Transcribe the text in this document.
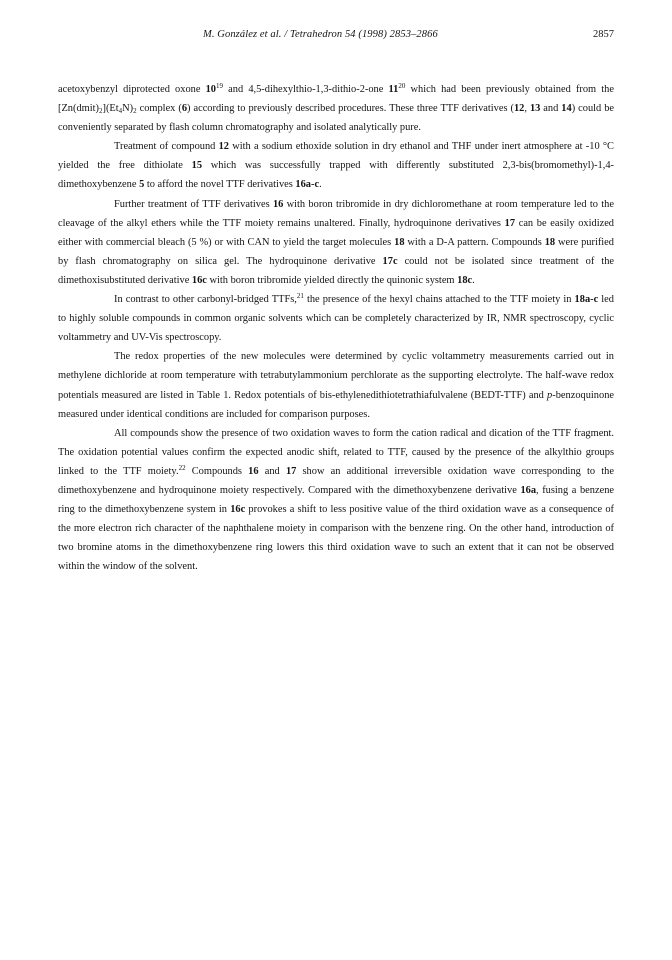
M. González et al. / Tetrahedron 54 (1998) 2853–2866	2857

acetoxybenzyl diprotected oxone $10^{19}$ and 4,5-dihexylthio-1,3-dithio-2-one $11^{20}$ which had been previously obtained from the $[Zn(dmit)_2](Et_4N)_2$ complex (6) according to previously described procedures. These three TTF derivatives (12, 13 and 14) could be conveniently separated by flash column chromatography and isolated analytically pure.

Treatment of compound 12 with a sodium ethoxide solution in dry ethanol and THF under inert atmosphere at -10 °C yielded the free dithiolate 15 which was successfully trapped with differently substituted 2,3-bis(bromomethyl)-1,4-dimethoxybenzene 5 to afford the novel TTF derivatives 16a-c.

Further treatment of TTF derivatives 16 with boron tribromide in dry dichloromethane at room temperature led to the cleavage of the alkyl ethers while the TTF moiety remains unaltered. Finally, hydroquinone derivatives 17 can be easily oxidized either with commercial bleach (5 %) or with CAN to yield the target molecules 18 with a D-A pattern. Compounds 18 were purified by flash chromatography on silica gel. The hydroquinone derivative 17c could not be isolated since treatment of the dimethoxisubstituted derivative 16c with boron tribromide yielded directly the quinonic system 18c.

In contrast to other carbonyl-bridged TTFs,$^{21}$ the presence of the hexyl chains attached to the TTF moiety in 18a-c led to highly soluble compounds in common organic solvents which can be completely characterized by IR, NMR spectroscopy, cyclic voltammetry and UV-Vis spectroscopy.

The redox properties of the new molecules were determined by cyclic voltammetry measurements carried out in methylene dichloride at room temperature with tetrabutylammonium perchlorate as the supporting electrolyte. The half-wave redox potentials measured are listed in Table 1. Redox potentials of bis-ethylenedithiotetrathiafulvalene (BEDT-TTF) and p-benzoquinone measured under identical conditions are included for comparison purposes.

All compounds show the presence of two oxidation waves to form the cation radical and dication of the TTF fragment. The oxidation potential values confirm the expected anodic shift, related to TTF, caused by the presence of the alkylthio groups linked to the TTF moiety.$^{22}$ Compounds 16 and 17 show an additional irreversible oxidation wave corresponding to the dimethoxybenzene and hydroquinone moiety respectively. Compared with the dimethoxybenzene derivative 16a, fusing a benzene ring to the dimethoxybenzene system in 16c provokes a shift to less positive value of the third oxidation wave as a consequence of the more electron rich character of the naphthalene moiety in comparison with the benzene ring. On the other hand, introduction of two bromine atoms in the dimethoxybenzene ring lowers this third oxidation wave to such an extent that it can not be observed within the window of the solvent.
